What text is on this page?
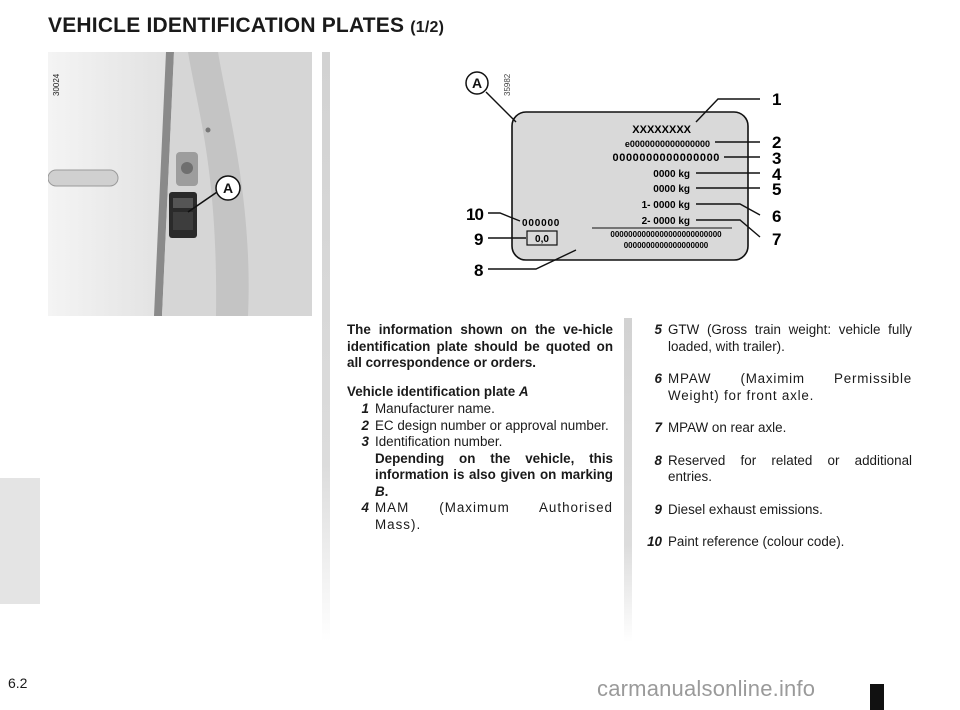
VEHICLE IDENTIFICATION PLATES (1/2)
A
30024	A
XXXXXXXX
e0000000000000000
0000000000000000
0000 kg
0000 kg
1- 0000 kg
2- 0000 kg
000000
0,0	0000000000000000000000000
0000000000000000000
1
2
3
4
5
6
7
8
9
10
35982

The information shown on the ve-hicle identification plate should be quoted on all correspondence or orders.

Vehicle identification plate A

1 Manufacturer name.
2 EC design number or approval number.
3 Identification number.
Depending on the vehicle, this information is also given on marking B.
4 MAM (Maximum Authorised Mass).
5 GTW (Gross train weight: vehicle fully loaded, with trailer).
6 MPAW (Maximim Permissible Weight) for front axle.
7 MPAW on rear axle.
8 Reserved for related or additional entries.
9 Diesel exhaust emissions.
10 Paint reference (colour code).
6.2	carmanualsonline.info
